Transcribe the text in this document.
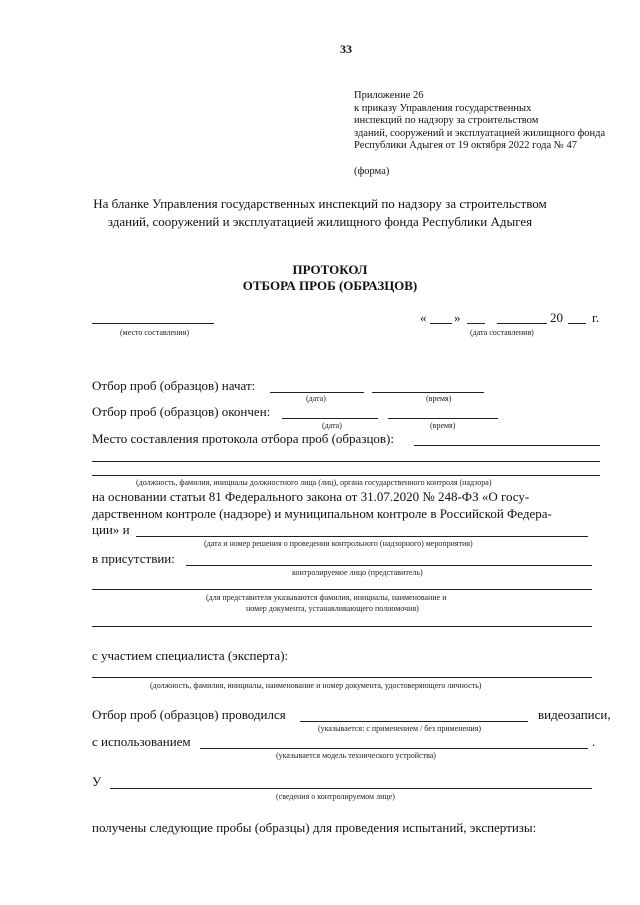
33
Приложение 26
к приказу Управления государственных
инспекций по надзору за строительством
зданий, сооружений и эксплуатацией жилищного фонда
Республики Адыгея от 19 октября 2022 года № 47
(форма)
На бланке Управления государственных инспекций по надзору за строительством
зданий, сооружений и эксплуатацией жилищного фонда Республики Адыгея
ПРОТОКОЛ
ОТБОРА ПРОБ (ОБРАЗЦОВ)
(место составления)
« »	20 г.
(дата составления)
Отбор проб (образцов) начат:
(дата)	(время)
Отбор проб (образцов) окончен:
(дата)	(время)
Место составления протокола отбора проб (образцов):
(должность, фамилия, инициалы должностного лица (лиц), органа государственного контроля (надзора)
на основании статьи 81 Федерального закона от 31.07.2020 № 248-ФЗ «О госу-
дарственном контроле (надзоре) и муниципальном контроле в Российской Федера-
ции» и
(дата и номер решения о проведении контрольного (надзорного) мероприятия)
в присутствии:
контролируемое лицо (представитель)
(для представителя указываются фамилия, инициалы, наименование и
номер документа, устанавливающего полномочия)
с участием специалиста (эксперта):
(должность, фамилия, инициалы, наименование и номер документа, удостоверяющего личность)
Отбор проб (образцов) проводился	видеозаписи,
(указывается: с применением / без применения)
с использованием	.
(указывается модель технического устройства)
У
(сведения о контролируемом лице)
получены следующие пробы (образцы) для проведения испытаний, экспертизы:
